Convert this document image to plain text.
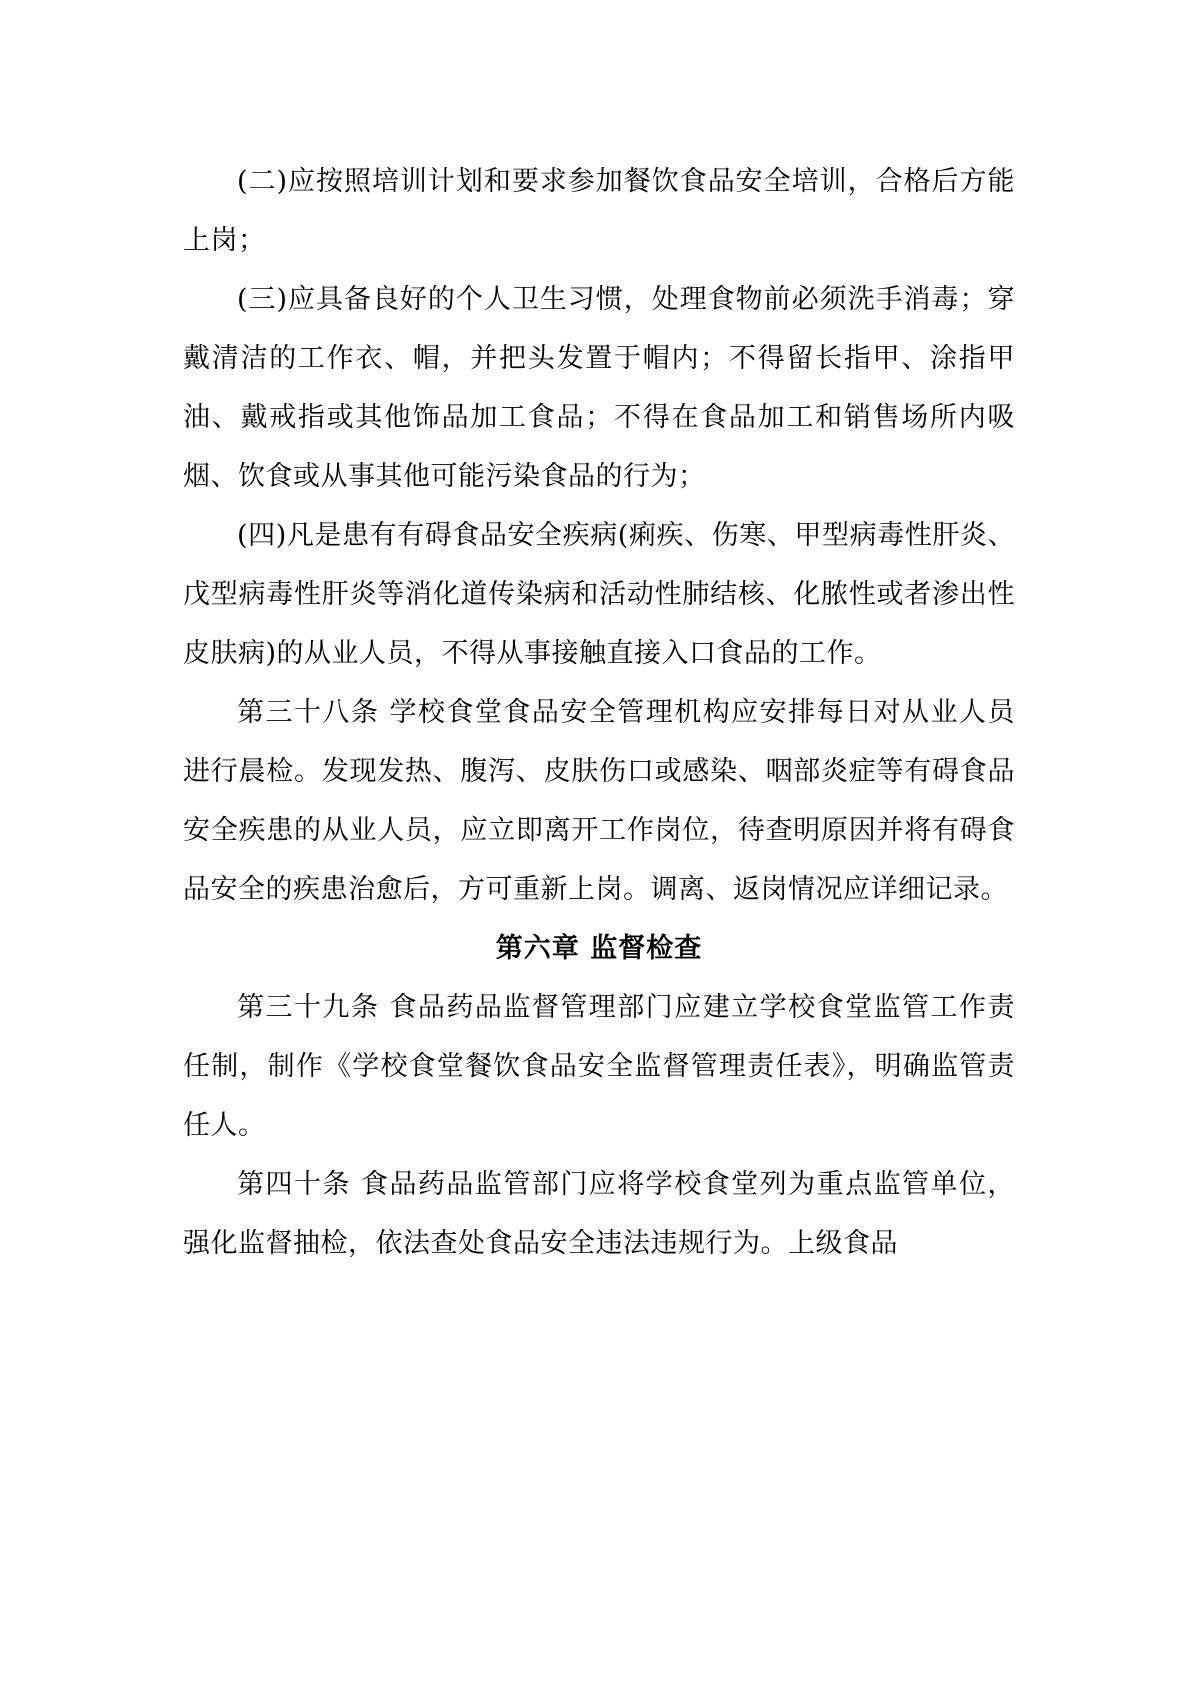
(二)应按照培训计划和要求参加餐饮食品安全培训，合格后方能上岗；

(三)应具备良好的个人卫生习惯，处理食物前必须洗手消毒；穿戴清洁的工作衣、帽，并把头发置于帽内；不得留长指甲、涂指甲油、戴戒指或其他饰品加工食品；不得在食品加工和销售场所内吸烟、饮食或从事其他可能污染食品的行为；

(四)凡是患有有碍食品安全疾病(痢疾、伤寒、甲型病毒性肝炎、戊型病毒性肝炎等消化道传染病和活动性肺结核、化脓性或者渗出性皮肤病)的从业人员，不得从事接触直接入口食品的工作。

第三十八条 学校食堂食品安全管理机构应安排每日对从业人员进行晨检。发现发热、腹泻、皮肤伤口或感染、咽部炎症等有碍食品安全疾患的从业人员，应立即离开工作岗位，待查明原因并将有碍食品安全的疾患治愈后，方可重新上岗。调离、返岗情况应详细记录。

第六章 监督检查

第三十九条 食品药品监督管理部门应建立学校食堂监管工作责任制，制作《学校食堂餐饮食品安全监督管理责任表》，明确监管责任人。

第四十条 食品药品监管部门应将学校食堂列为重点监管单位，强化监督抽检，依法查处食品安全违法违规行为。上级食品
